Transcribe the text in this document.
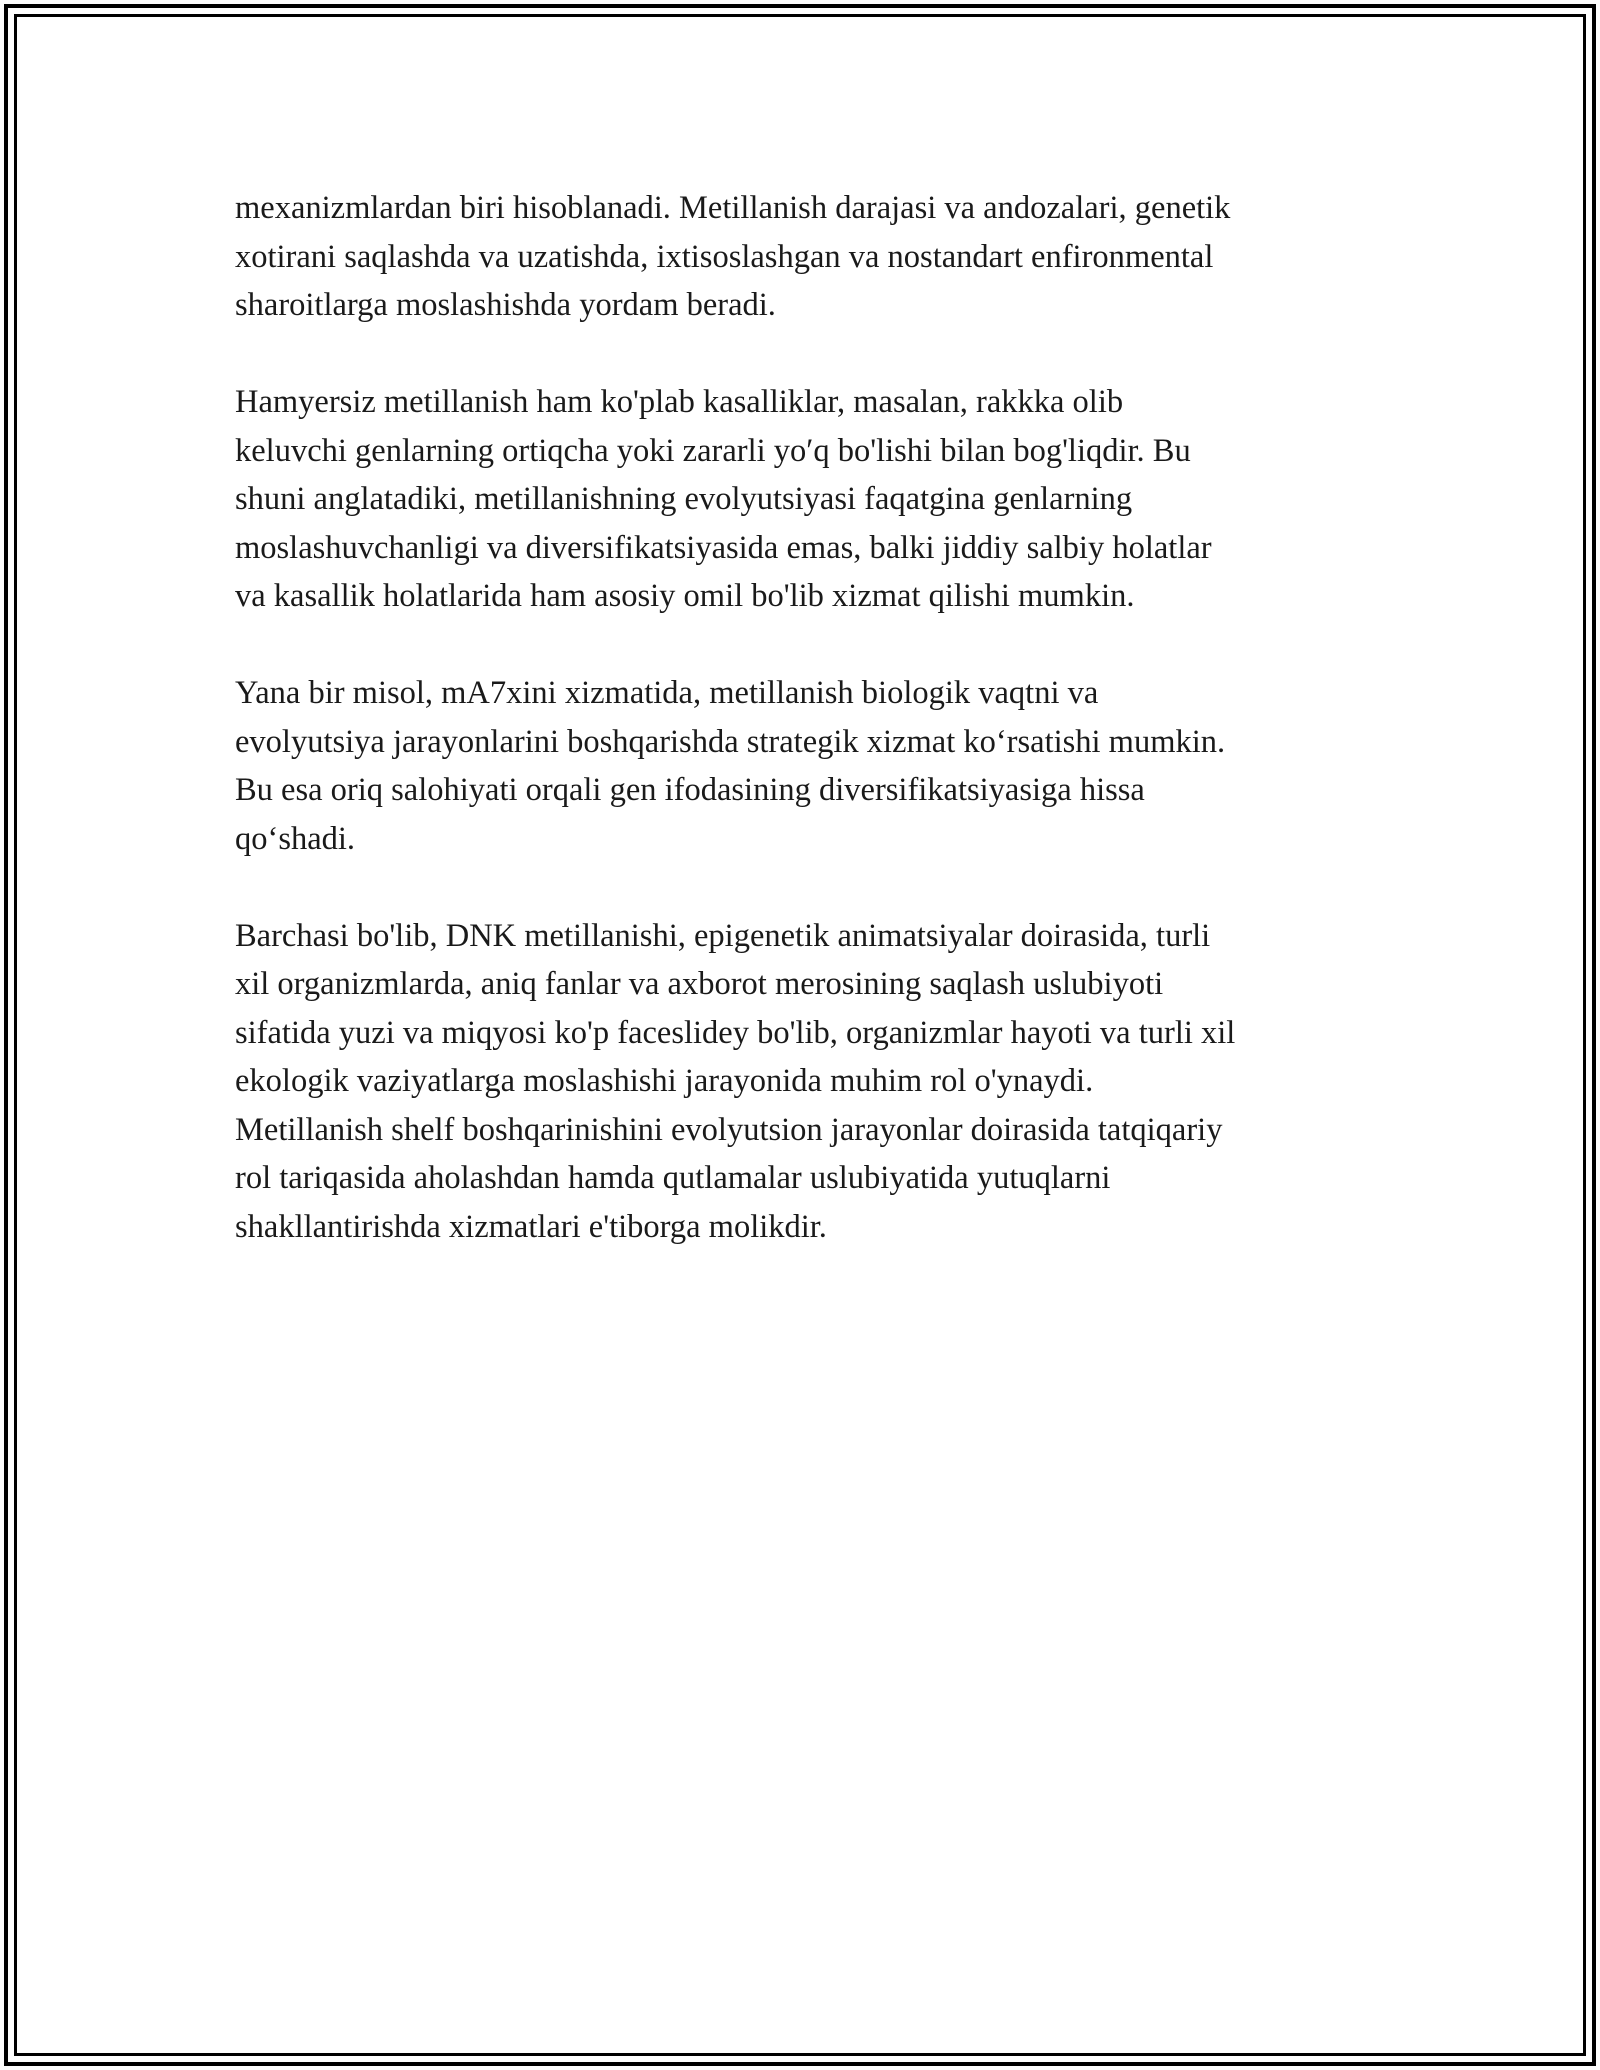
mexanizmlardan biri hisoblanadi. Metillanish darajasi va andozalari, genetik
xotirani saqlashda va uzatishda, ixtisoslashgan va nostandart enfironmental
sharoitlarga moslashishda yordam beradi.

Hamyersiz metillanish ham ko'plab kasalliklar, masalan, rakkka olib
keluvchi genlarning ortiqcha yoki zararli yo′q bo'lishi bilan bog'liqdir. Bu
shuni anglatadiki, metillanishning evolyutsiyasi faqatgina genlarning
moslashuvchanligi va diversifikatsiyasida emas, balki jiddiy salbiy holatlar
va kasallik holatlarida ham asosiy omil bo'lib xizmat qilishi mumkin.

Yana bir misol, mA7xini xizmatida, metillanish biologik vaqtni va
evolyutsiya jarayonlarini boshqarishda strategik xizmat ko‘rsatishi mumkin.
Bu esa oriq salohiyati orqali gen ifodasining diversifikatsiyasiga hissa
qo‘shadi.

Barchasi bo'lib, DNK metillanishi, epigenetik animatsiyalar doirasida, turli
xil organizmlarda, aniq fanlar va axborot merosining saqlash uslubiyoti
sifatida yuzi va miqyosi ko'p faceslidey bo'lib, organizmlar hayoti va turli xil
ekologik vaziyatlarga moslashishi jarayonida muhim rol o'ynaydi.
Metillanish shelf boshqarinishini evolyutsion jarayonlar doirasida tatqiqariy
rol tariqasida aholashdan hamda qutlamalar uslubiyatida yutuqlarni
shakllantirishda xizmatlari e'tiborga molikdir.
